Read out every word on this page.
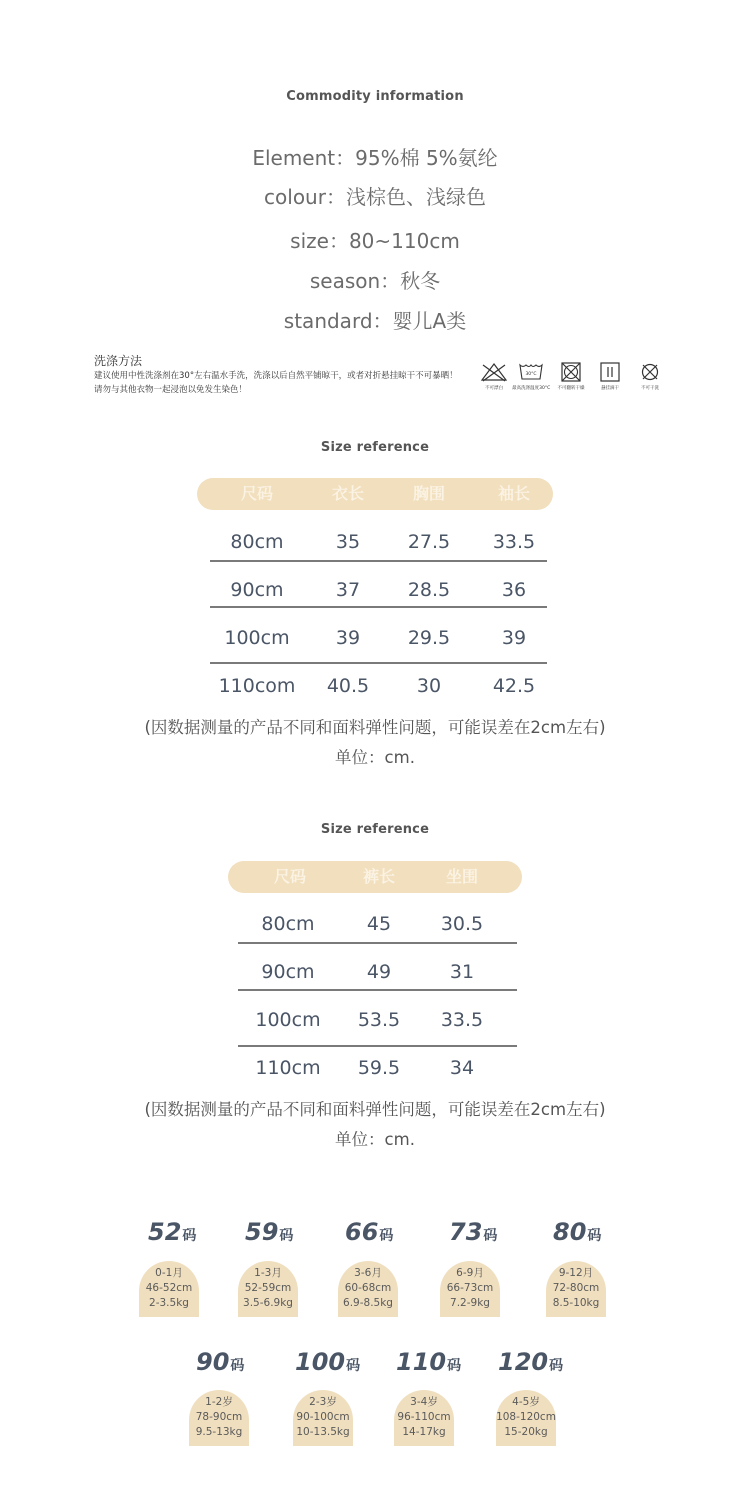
Commodity information
Element：95%棉 5%氨纶
colour：浅棕色、浅绿色
size：80~110cm
season：秋冬
standard：婴儿A类
洗涤方法
建议使用中性洗涤剂在30°左右温水手洗，洗涤以后自然平铺晾干，或者对折悬挂晾干不可暴晒！
请勿与其他衣物一起浸泡以免发生染色！	不可漂白
30°C
最高洗涤温度30°C	不可翻转干燥	悬挂滴干	不可干洗
Size reference
尺码	衣长	胸围	袖长
80cm	35	27.5	33.5
90cm	37	28.5	36
100cm	39	29.5	39
110com	40.5	30	42.5
(因数据测量的产品不同和面料弹性问题，可能误差在2cm左右)
单位：cm.
Size reference
尺码	裤长	坐围
80cm	45	30.5
90cm	49	31
100cm	53.5	33.5
110cm	59.5	34
(因数据测量的产品不同和面料弹性问题，可能误差在2cm左右)
单位：cm.
52码
0-1月
46-52cm
2-3.5kg
59码
1-3月
52-59cm
3.5-6.9kg
66码
3-6月
60-68cm
6.9-8.5kg
73码
6-9月
66-73cm
7.2-9kg
80码
9-12月
72-80cm
8.5-10kg
90码
1-2岁
78-90cm
9.5-13kg
100码
2-3岁
90-100cm
10-13.5kg
110码
3-4岁
96-110cm
14-17kg
120码
4-5岁
108-120cm
15-20kg
